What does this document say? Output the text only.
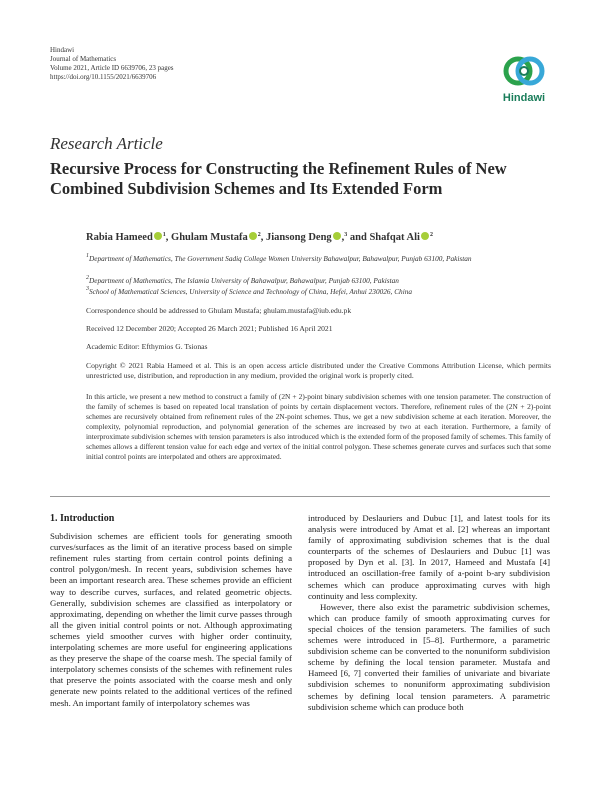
Hindawi
Journal of Mathematics
Volume 2021, Article ID 6639706, 23 pages
https://doi.org/10.1155/2021/6639706
Hindawi
Research Article
Recursive Process for Constructing the Refinement Rules of New Combined Subdivision Schemes and Its Extended Form
Rabia Hameed $^1$, Ghulam Mustafa $^2$, Jiansong Deng ,$^3$ and Shafqat Ali $^2$
$^1$Department of Mathematics, The Government Sadiq College Women University Bahawalpur, Bahawalpur, Punjab 63100, Pakistan
$^2$Department of Mathematics, The Islamia University of Bahawalpur, Bahawalpur, Punjab 63100, Pakistan
$^3$School of Mathematical Sciences, University of Science and Technology of China, Hefei, Anhui 230026, China
Correspondence should be addressed to Ghulam Mustafa; ghulam.mustafa@iub.edu.pk
Received 12 December 2020; Accepted 26 March 2021; Published 16 April 2021
Academic Editor: Efthymios G. Tsionas
Copyright © 2021 Rabia Hameed et al. This is an open access article distributed under the Creative Commons Attribution License, which permits unrestricted use, distribution, and reproduction in any medium, provided the original work is properly cited.
In this article, we present a new method to construct a family of (2N + 2)-point binary subdivision schemes with one tension parameter. The construction of the family of schemes is based on repeated local translation of points by certain displacement vectors. Therefore, refinement rules of the (2N + 2)-point schemes are recursively obtained from refinement rules of the 2N-point schemes. Thus, we get a new subdivision scheme at each iteration. Moreover, the complexity, polynomial reproduction, and polynomial generation of the schemes are increased by two at each iteration. Furthermore, a family of interproximate subdivision schemes with tension parameters is also introduced which is the extended form of the proposed family of schemes. This family of schemes allows a different tension value for each edge and vertex of the initial control polygon. These schemes generate curves and surfaces such that some initial control points are interpolated and others are approximated.
1. Introduction

Subdivision schemes are efficient tools for generating smooth curves/surfaces as the limit of an iterative process based on simple refinement rules starting from certain control points defining a control polygon/mesh. In recent years, subdivision schemes have been an important research area. These schemes provide an efficient way to describe curves, surfaces, and related geometric objects. Generally, subdivision schemes are classified as interpolatory or approximating, depending on whether the limit curve passes through all the given initial control points or not. Although approximating schemes yield smoother curves with higher order continuity, interpolating schemes are more useful for engineering applications as they preserve the shape of the coarse mesh. The special family of interpolatory schemes consists of the schemes with refinement rules that preserve the points associated with the coarse mesh and only generate new points related to the additional vertices of the refined mesh. An important family of interpolatory schemes was

introduced by Deslauriers and Dubuc [1], and latest tools for its analysis were introduced by Amat et al. [2] whereas an important family of approximating subdivision schemes that is the dual counterparts of the schemes of Deslauriers and Dubuc [1] was proposed by Dyn et al. [3]. In 2017, Hameed and Mustafa [4] introduced an oscillation-free family of a-point b-ary subdivision schemes which can produce approximating curves with high continuity and less complexity.

However, there also exist the parametric subdivision schemes, which can produce family of smooth approximating curves for special choices of the tension parameters. The families of such schemes were introduced in [5–8]. Furthermore, a parametric subdivision scheme can be converted to the nonuniform subdivision scheme by defining the local tension parameter. Mustafa and Hameed [6, 7] converted their families of univariate and bivariate subdivision schemes to nonuniform approximating subdivision schemes by defining local tension parameters. A parametric subdivision scheme which can produce both
